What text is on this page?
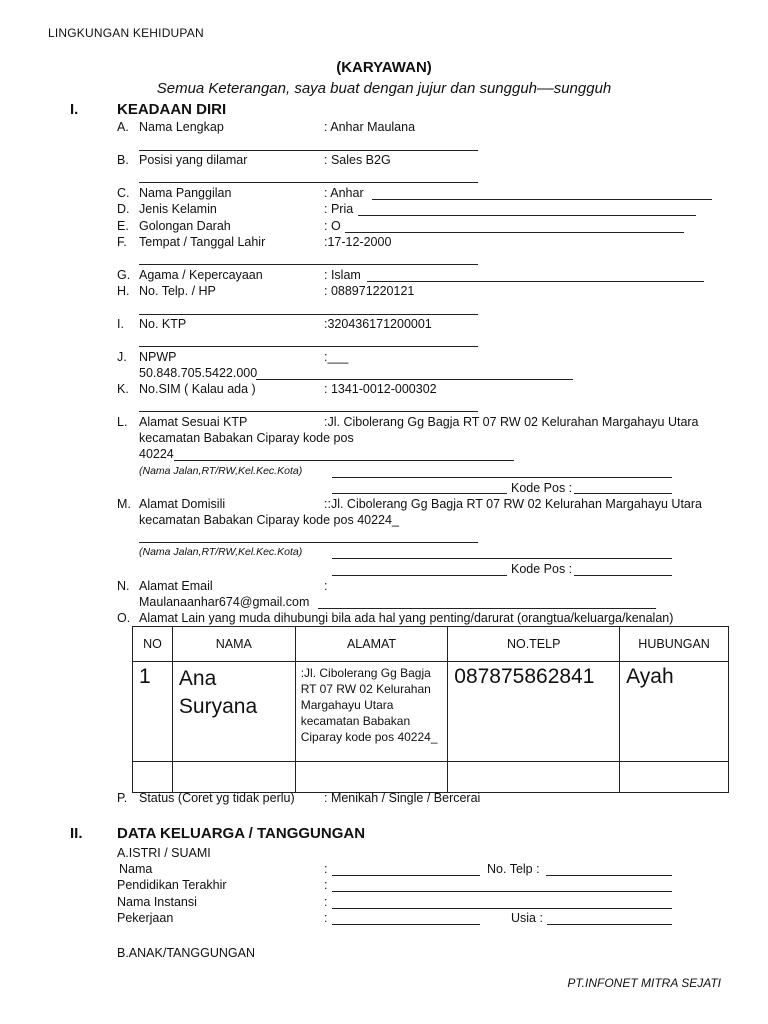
LINGKUNGAN KEHIDUPAN
(KARYAWAN)
Semua Keterangan, saya buat dengan jujur dan sungguh––sungguh
I.	KEADAAN DIRI
A. Nama Lengkap	: Anhar Maulana
B. Posisi yang dilamar	: Sales B2G
C. Nama Panggilan	: Anhar
D. Jenis Kelamin	: Pria
E. Golongan Darah	: O
F. Tempat / Tanggal Lahir	:17-12-2000
G. Agama / Kepercayaan	: Islam
H. No. Telp. / HP	: 088971220121
I. No. KTP	:320436171200001
J. NPWP	:___
50.848.705.5422.000
K. No.SIM ( Kalau ada )	: 1341-0012-000302
L. Alamat Sesuai KTP	:Jl. Cibolerang Gg Bagja RT 07 RW 02 Kelurahan Margahayu Utara
kecamatan Babakan Ciparay kode pos
40224
(Nama Jalan,RT/RW,Kel.Kec.Kota)
Kode Pos :
M. Alamat Domisili	::Jl. Cibolerang Gg Bagja RT 07 RW 02 Kelurahan Margahayu Utara
kecamatan Babakan Ciparay kode pos 40224_
(Nama Jalan,RT/RW,Kel.Kec.Kota)
Kode Pos :
N. Alamat Email	:
Maulanaanhar674@gmail.com
O. Alamat Lain yang muda dihubungi bila ada hal yang penting/darurat (orangtua/keluarga/kenalan)
NO	NAMA	ALAMAT	NO.TELP	HUBUNGAN
1	Ana Suryana	:Jl. Cibolerang Gg Bagja RT 07 RW 02 Kelurahan Margahayu Utara kecamatan Babakan Ciparay kode pos 40224_	087875862841	Ayah

P. Status (Coret yg tidak perlu) : Menikah / Single / Bercerai
II. DATA KELUARGA / TANGGUNGAN
A.ISTRI / SUAMI
Nama	:	No. Telp :
Pendidikan Terakhir	:
Nama Instansi	:
Pekerjaan	:	Usia :
B.ANAK/TANGGUNGAN
PT.INFONET MITRA SEJATI
